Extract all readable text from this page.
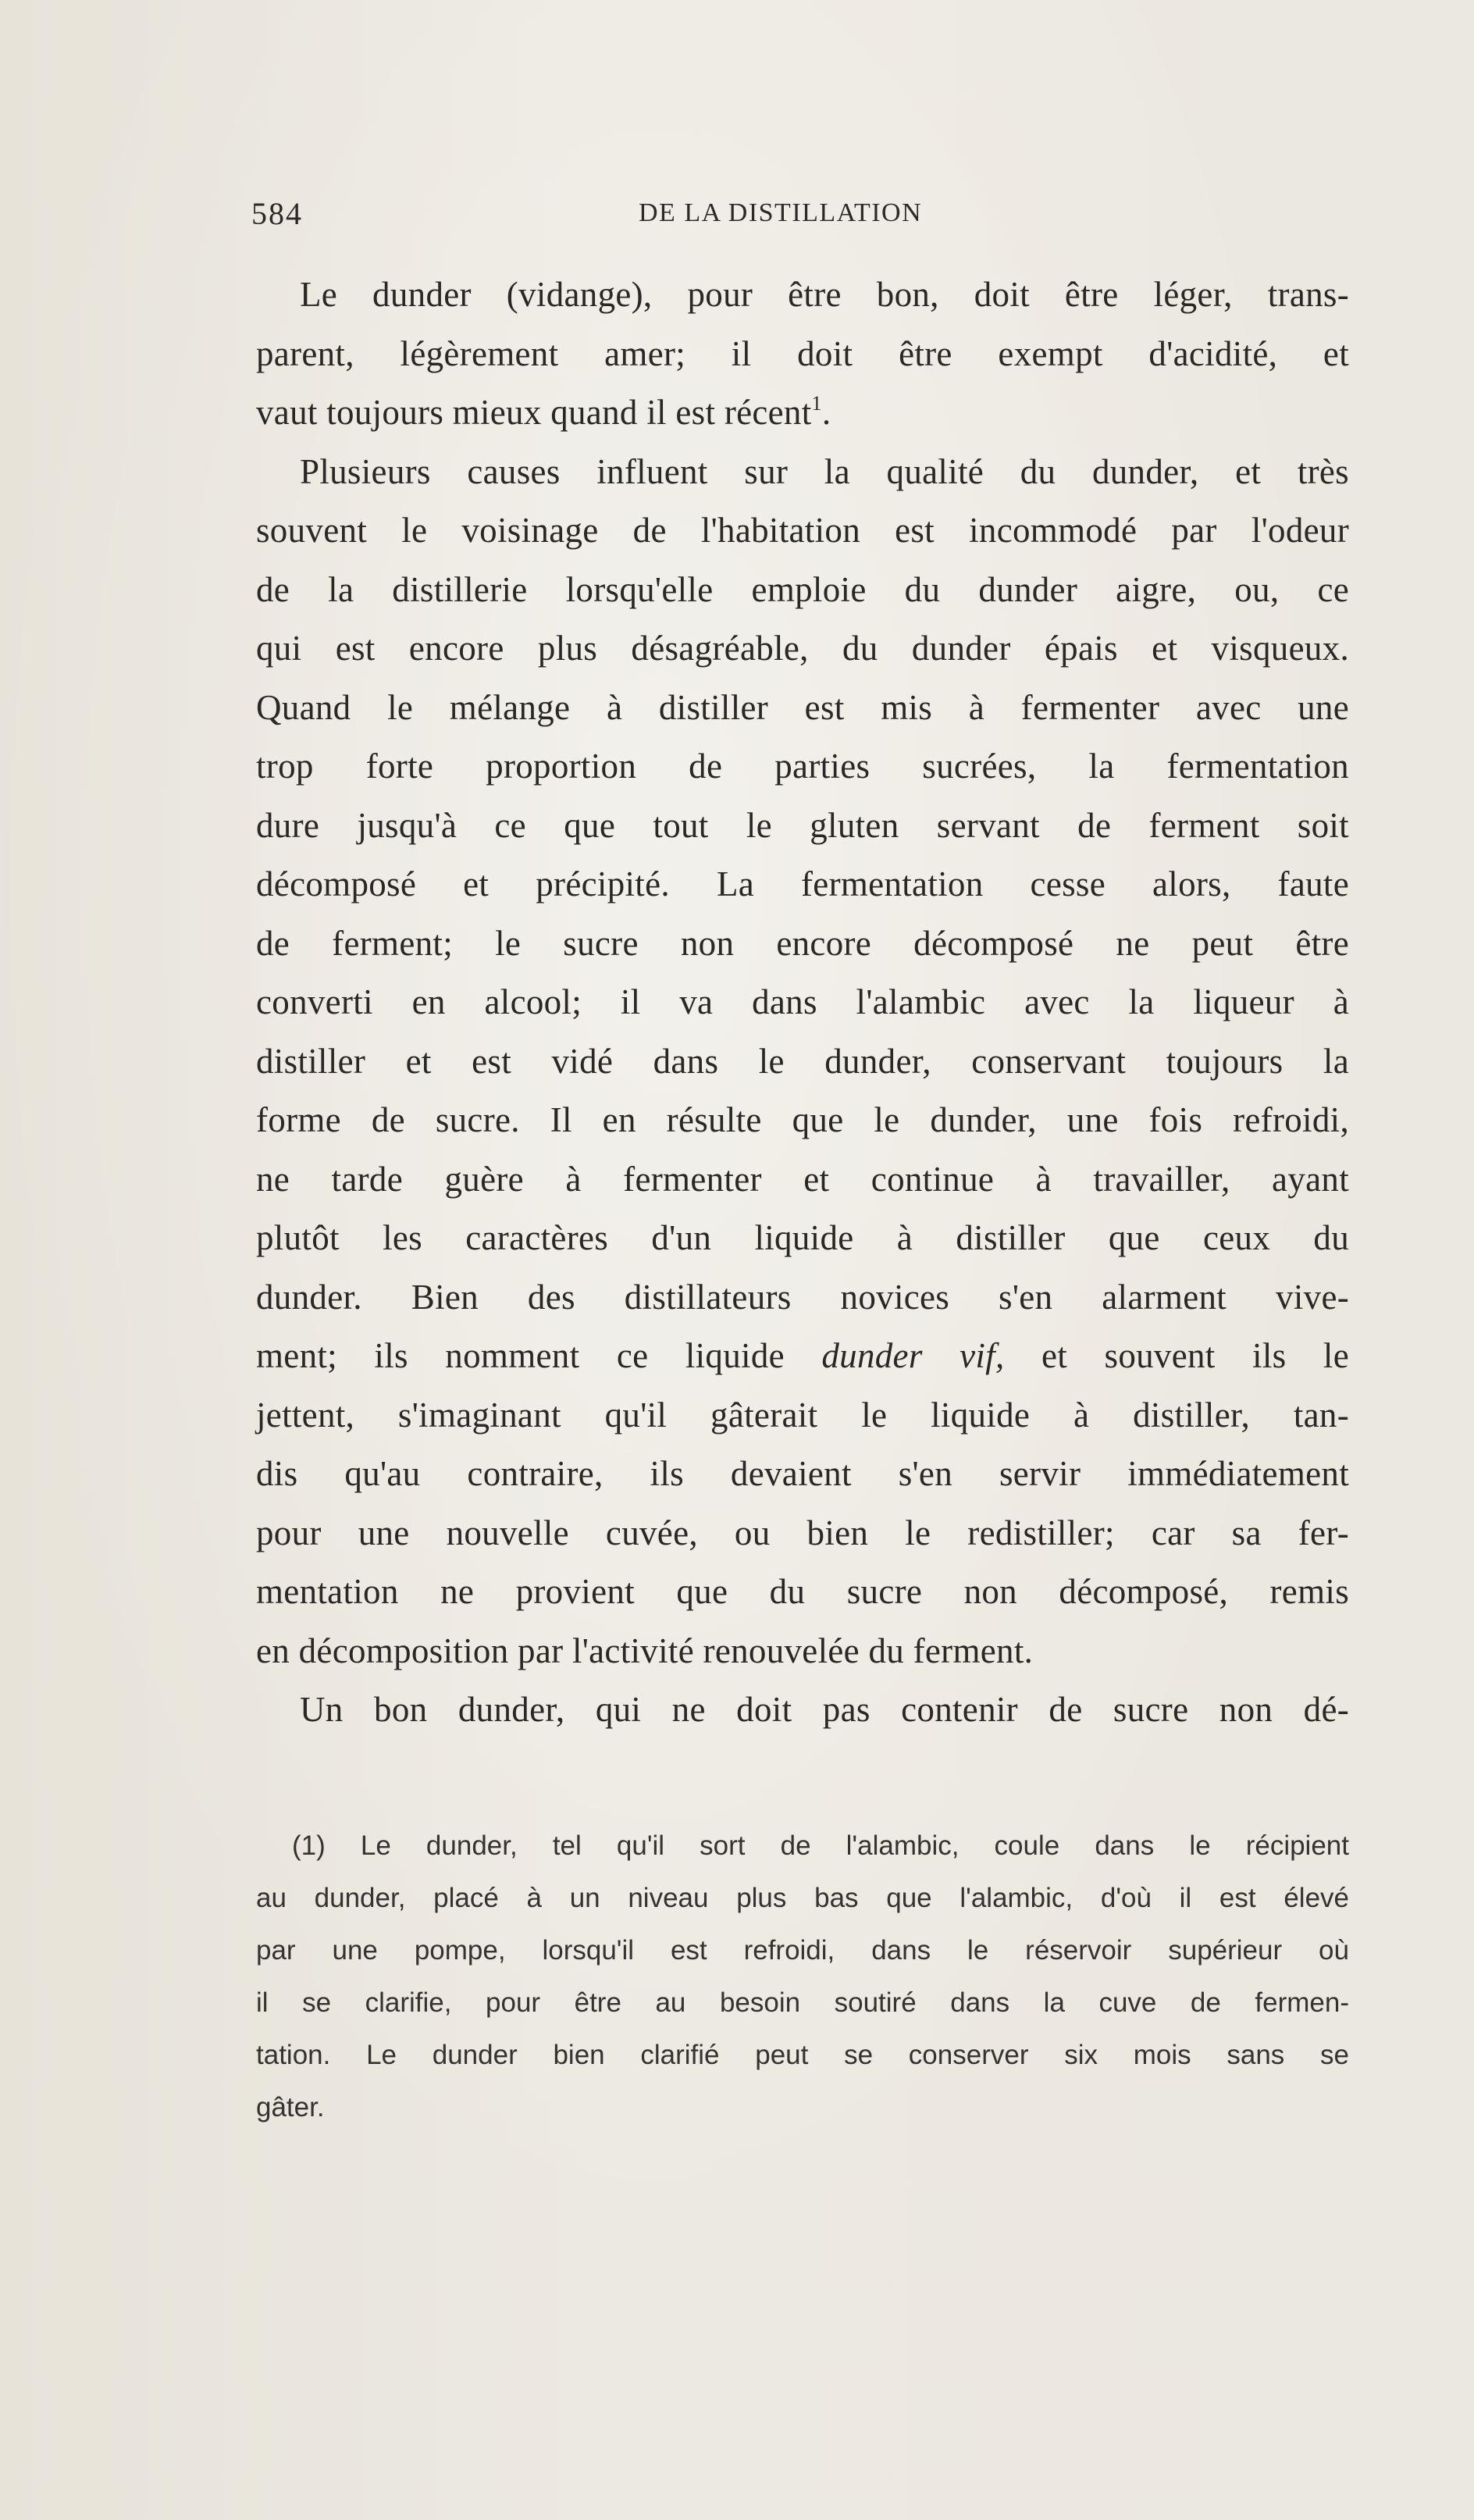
584	DE LA DISTILLATION
Le dunder (vidange), pour être bon, doit être léger, trans-
parent, légèrement amer; il doit être exempt d'acidité, et
vaut toujours mieux quand il est récent$^1$.
Plusieurs causes influent sur la qualité du dunder, et très
souvent le voisinage de l'habitation est incommodé par l'odeur
de la distillerie lorsqu'elle emploie du dunder aigre, ou, ce
qui est encore plus désagréable, du dunder épais et visqueux.
Quand le mélange à distiller est mis à fermenter avec une
trop forte proportion de parties sucrées, la fermentation
dure jusqu'à ce que tout le gluten servant de ferment soit
décomposé et précipité. La fermentation cesse alors, faute
de ferment; le sucre non encore décomposé ne peut être
converti en alcool; il va dans l'alambic avec la liqueur à
distiller et est vidé dans le dunder, conservant toujours la
forme de sucre. Il en résulte que le dunder, une fois refroidi,
ne tarde guère à fermenter et continue à travailler, ayant
plutôt les caractères d'un liquide à distiller que ceux du
dunder. Bien des distillateurs novices s'en alarment vive-
ment; ils nomment ce liquide dunder vif, et souvent ils le
jettent, s'imaginant qu'il gâterait le liquide à distiller, tan-
dis qu'au contraire, ils devaient s'en servir immédiatement
pour une nouvelle cuvée, ou bien le redistiller; car sa fer-
mentation ne provient que du sucre non décomposé, remis
en décomposition par l'activité renouvelée du ferment.
Un bon dunder, qui ne doit pas contenir de sucre non dé-
(1) Le dunder, tel qu'il sort de l'alambic, coule dans le récipient
au dunder, placé à un niveau plus bas que l'alambic, d'où il est élevé
par une pompe, lorsqu'il est refroidi, dans le réservoir supérieur où
il se clarifie, pour être au besoin soutiré dans la cuve de fermen-
tation. Le dunder bien clarifié peut se conserver six mois sans se
gâter.
